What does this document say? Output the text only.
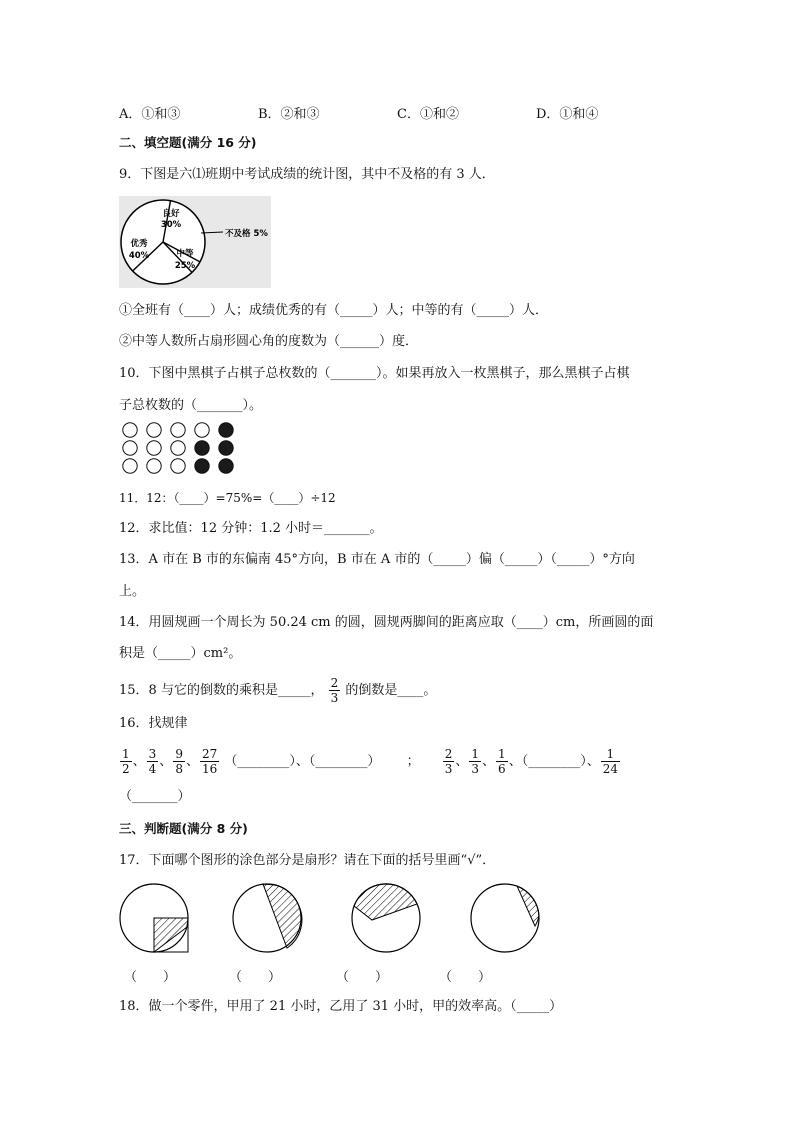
A．①和③	B．②和③	C．①和②	D．①和④
二、填空题(满分 16 分)
9．下图是六⑴班期中考试成绩的统计图，其中不及格的有 3 人．
良好
30%
优秀
40%	中等
25%
不及格 5%
①全班有（____）人；成绩优秀的有（_____）人；中等的有（_____）人．
②中等人数所占扇形圆心角的度数为（______）度．
10．下图中黑棋子占棋子总枚数的（_______）。如果再放入一枚黑棋子，那么黑棋子占棋
子总枚数的（_______）。
11．12：（____）=75%=（____）÷12
12．求比值：12 分钟：1.2 小时＝_______。
13．A 市在 B 市的东偏南 45°方向，B 市在 A 市的（_____）偏（_____）（_____）°方向
上。
14．用圆规画一个周长为 50.24 cm 的圆，圆规两脚间的距离应取（____）cm，所画圆的面
积是（_____）cm²。
15．8 与它的倒数的乘积是_____， $\frac{2}{3}$ 的倒数是____。
16．找规律
$\frac{1}{2}$ 、 $\frac{3}{4}$ 、 $\frac{9}{8}$ 、 $\frac{27}{16}$ （________）、（________） ； $\frac{2}{3}$ 、 $\frac{1}{3}$ 、 $\frac{1}{6}$ 、（________）、 $\frac{1}{24}$
（_______）
三、判断题(满分 8 分)
17．下面哪个图形的涂色部分是扇形？请在下面的括号里画“√”．
（　　）	（　　）	（　　）	（　　）
18．做一个零件，甲用了 21 小时，乙用了 31 小时，甲的效率高。（_____）
